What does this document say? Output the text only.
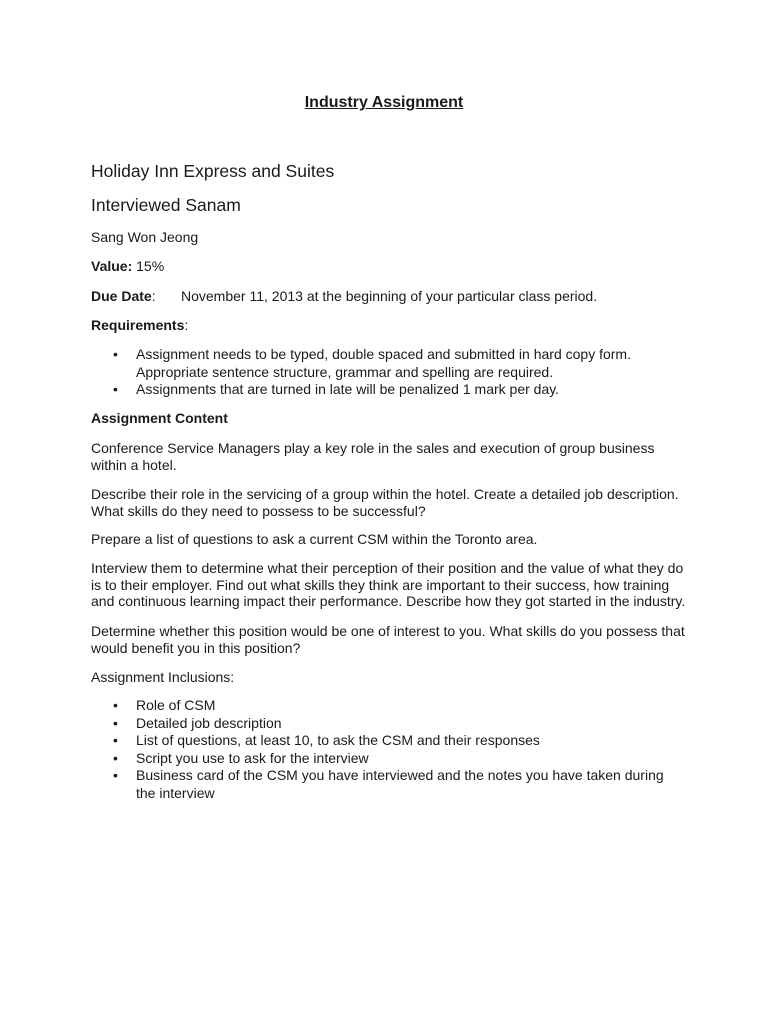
Industry Assignment
Holiday Inn Express and Suites
Interviewed Sanam
Sang Won Jeong
Value: 15%
Due Date: November 11, 2013 at the beginning of your particular class period.
Requirements:
• Assignment needs to be typed, double spaced and submitted in hard copy form.
Appropriate sentence structure, grammar and spelling are required.
• Assignments that are turned in late will be penalized 1 mark per day.
Assignment Content
Conference Service Managers play a key role in the sales and execution of group business
within a hotel.
Describe their role in the servicing of a group within the hotel. Create a detailed job description.
What skills do they need to possess to be successful?
Prepare a list of questions to ask a current CSM within the Toronto area.
Interview them to determine what their perception of their position and the value of what they do
is to their employer. Find out what skills they think are important to their success, how training
and continuous learning impact their performance. Describe how they got started in the industry.
Determine whether this position would be one of interest to you. What skills do you possess that
would benefit you in this position?
Assignment Inclusions:
• Role of CSM
• Detailed job description
• List of questions, at least 10, to ask the CSM and their responses
• Script you use to ask for the interview
• Business card of the CSM you have interviewed and the notes you have taken during
the interview
